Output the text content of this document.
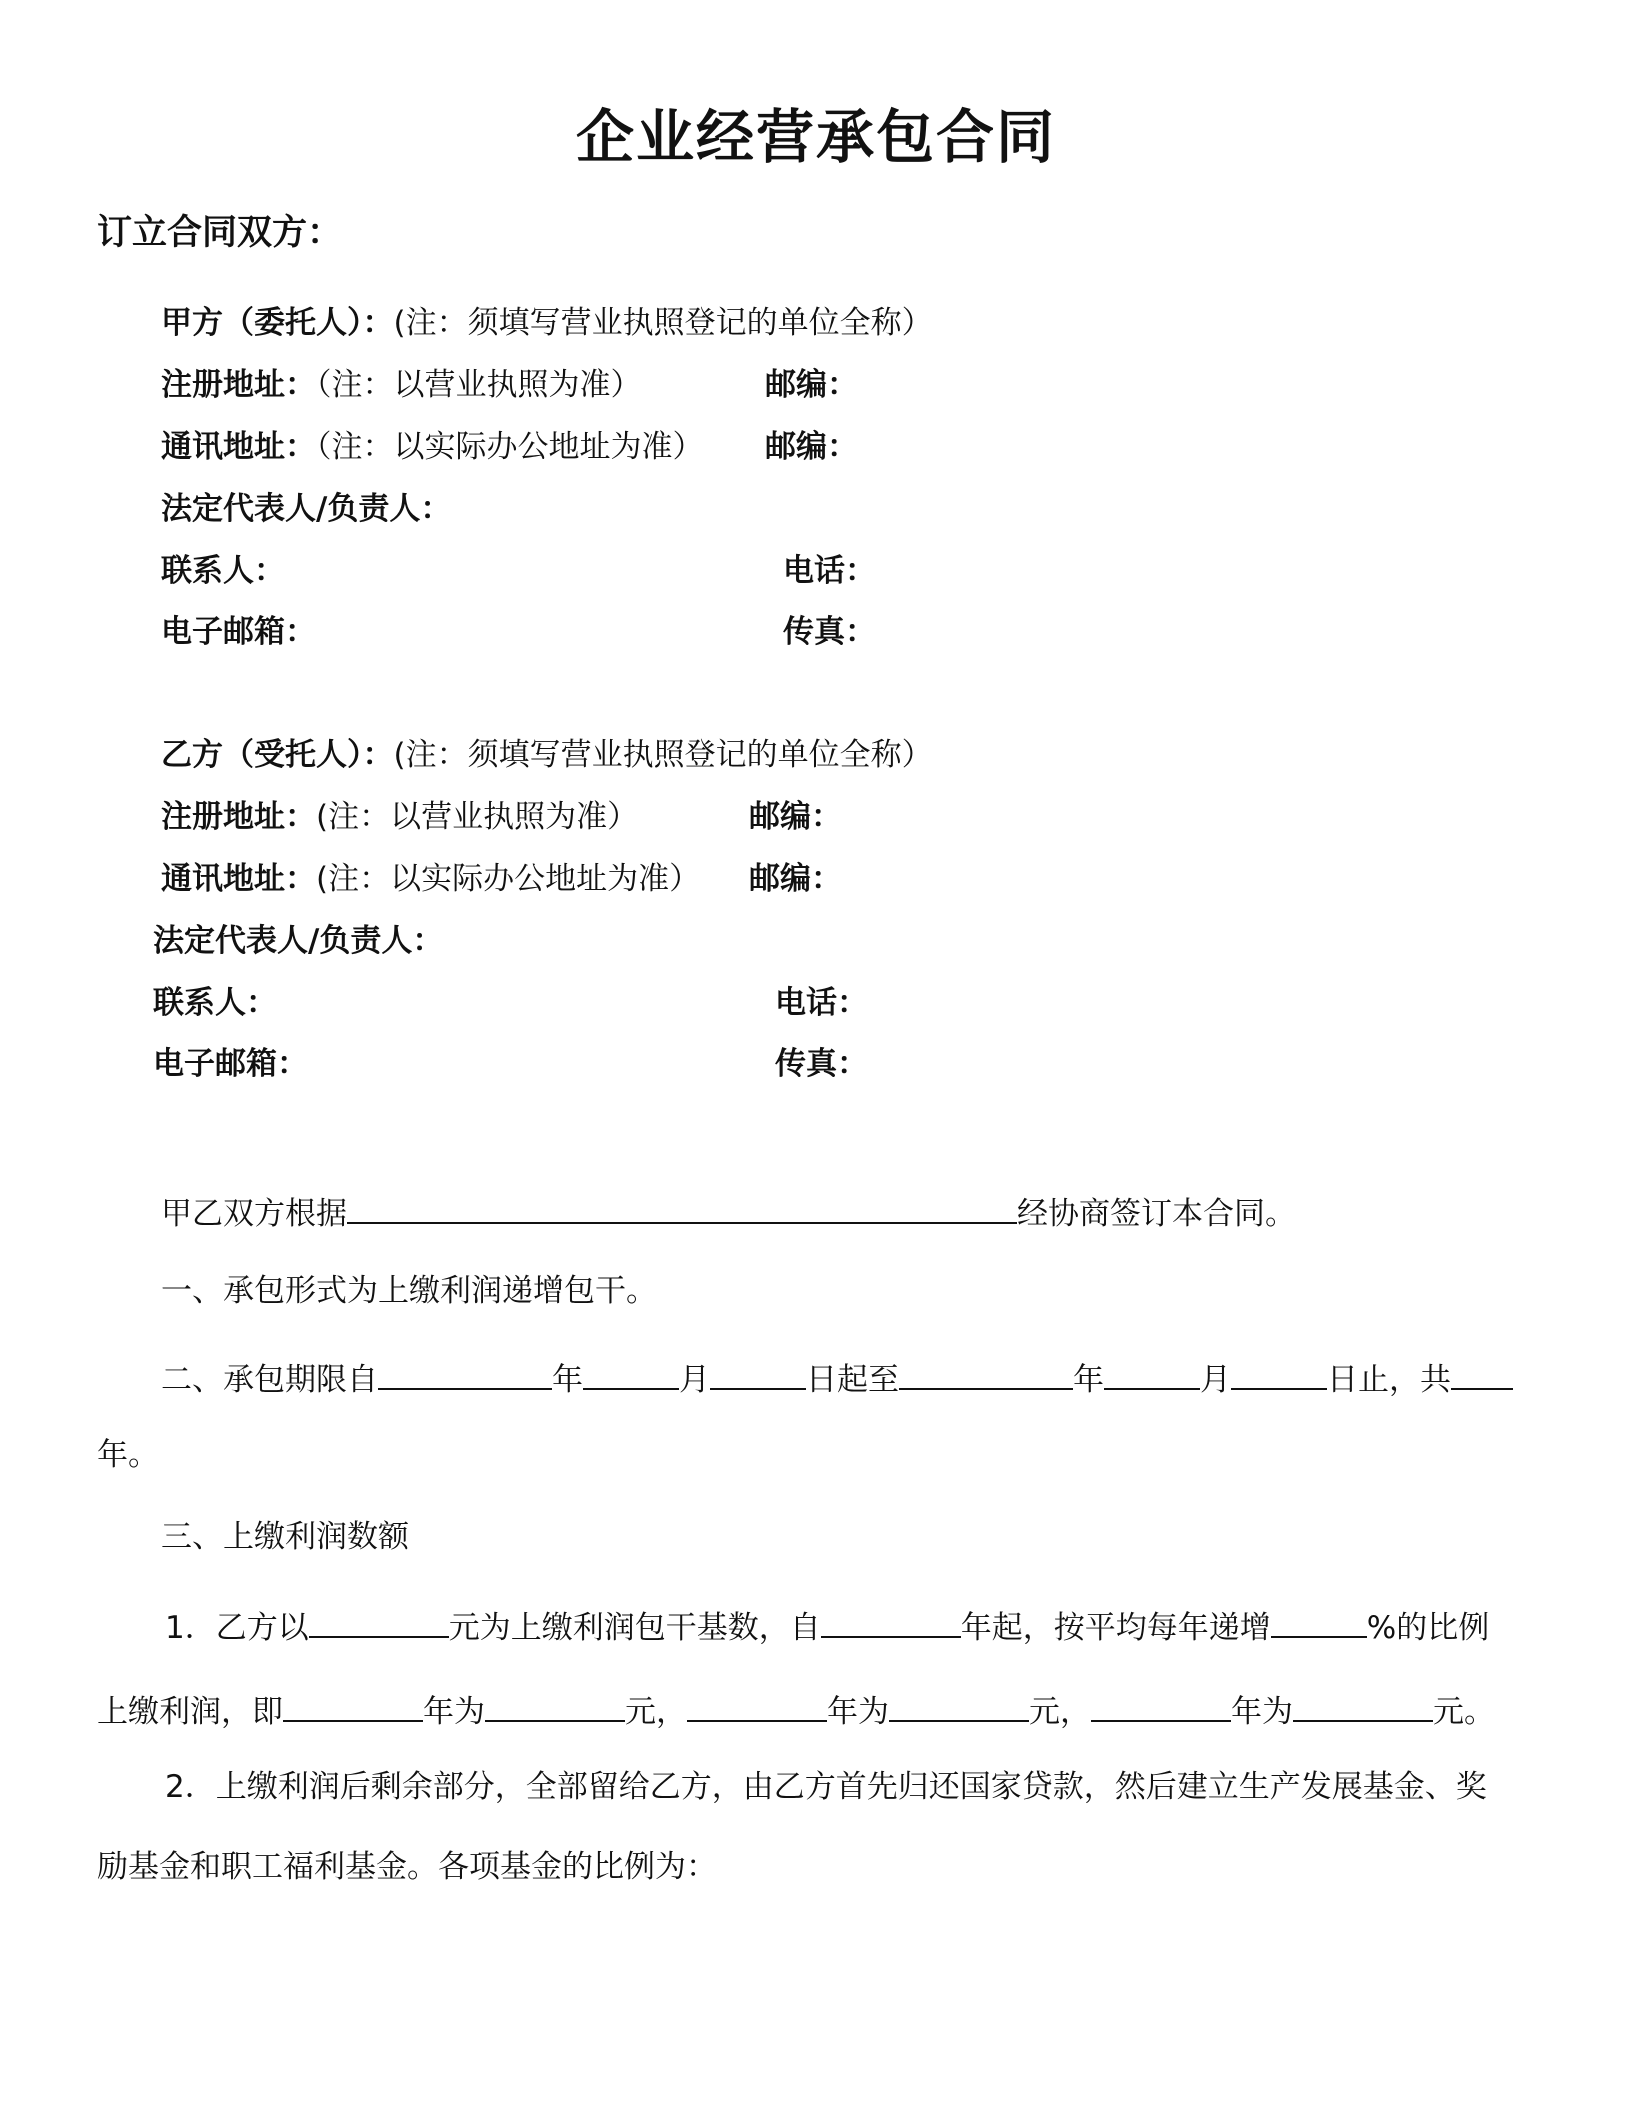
企业经营承包合同
订立合同双方：
甲方（委托人）：(注：须填写营业执照登记的单位全称）
注册地址：（注：以营业执照为准）	邮编：
通讯地址：（注：以实际办公地址为准） 邮编：
法定代表人/负责人：
联系人：	电话：
电子邮箱：	传真：
乙方（受托人）：(注：须填写营业执照登记的单位全称）
注册地址：(注：以营业执照为准）	邮编：
通讯地址：(注：以实际办公地址为准） 邮编：
法定代表人/负责人：
联系人：	电话：
电子邮箱：	传真：
甲乙双方根据	经协商签订本合同。
一、承包形式为上缴利润递增包干。
二、承包期限自	年	月	日起至	年	月	日止，共
年。
三、上缴利润数额
1．乙方以	元为上缴利润包干基数，自	年起，按平均每年递增	%的比例
上缴利润，即	年为	元，	年为	元，	年为	元。
2．上缴利润后剩余部分，全部留给乙方，由乙方首先归还国家贷款，然后建立生产发展基金、奖
励基金和职工福利基金。各项基金的比例为：
